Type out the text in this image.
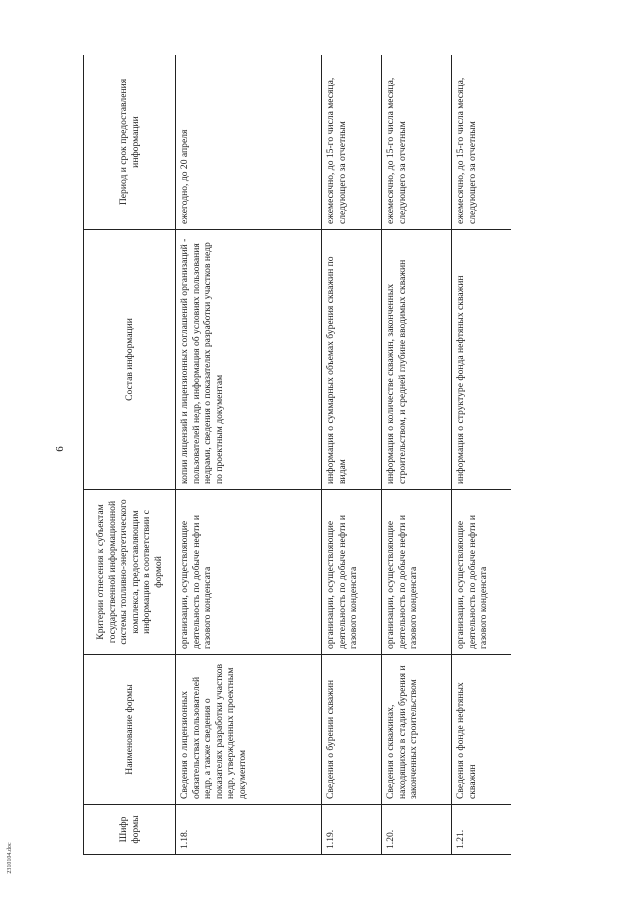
6
Шифр
формы	Наименование формы	Критерии отнесения к субъектам государственной информационной системы топливно-энергетического комплекса, предоставляющим информацию в соответствии с формой	Состав информации	Период и срок предоставления информации

1.18.	Сведения о лицензионных обязательствах пользователей недр, а также сведения о показателях разработки участков недр, утвержденных проектным документом	организации, осуществляющие деятельность по добыче нефти и газового конденсата	копии лицензий и лицензионных соглашений организаций - пользователей недр, информация об условиях пользования недрами, сведения о показателях разработки участков недр по проектным документам	ежегодно, до 20 апреля

1.19.	Сведения о бурении скважин	организации, осуществляющие деятельность по добыче нефти и газового конденсата	информация о суммарных объемах бурения скважин по видам	ежемесячно, до 15-го числа месяца, следующего за отчетным

1.20.	Сведения о скважинах, находящихся в стадии бурения и законченных строительством	организации, осуществляющие деятельность по добыче нефти и газового конденсата	информация о количестве скважин, законченных строительством, и средней глубине вводимых скважин	ежемесячно, до 15-го числа месяца, следующего за отчетным

1.21.	Сведения о фонде нефтяных скважин	организации, осуществляющие деятельность по добыче нефти и газового конденсата	информация о структуре фонда нефтяных скважин	ежемесячно, до 15-го числа месяца, следующего за отчетным
2310104.doc
